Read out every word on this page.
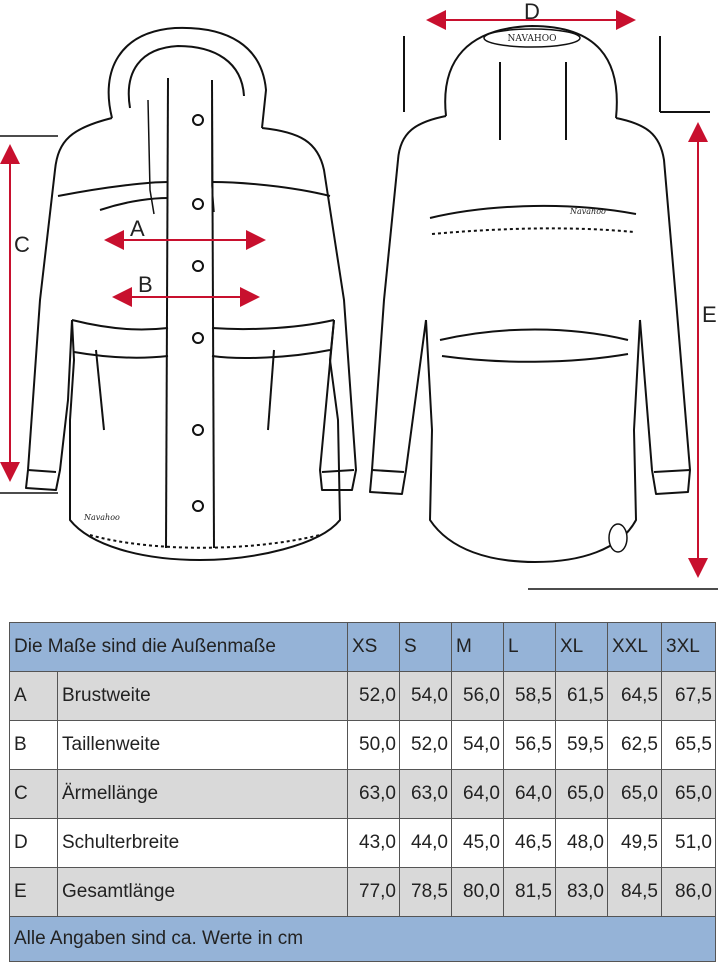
Navahoo
C
A
B
NAVAHOO
Navahoo
D
E
Die Maße sind die Außenmaße		XS	S	M	L	XL	XXL	3XL
A	Brustweite	52,0	54,0	56,0	58,5	61,5	64,5	67,5
B	Taillenweite	50,0	52,0	54,0	56,5	59,5	62,5	65,5
C	Ärmellänge	63,0	63,0	64,0	64,0	65,0	65,0	65,0
D	Schulterbreite	43,0	44,0	45,0	46,5	48,0	49,5	51,0
E	Gesamtlänge	77,0	78,5	80,0	81,5	83,0	84,5	86,0
Alle Angaben sind ca. Werte in cm								
